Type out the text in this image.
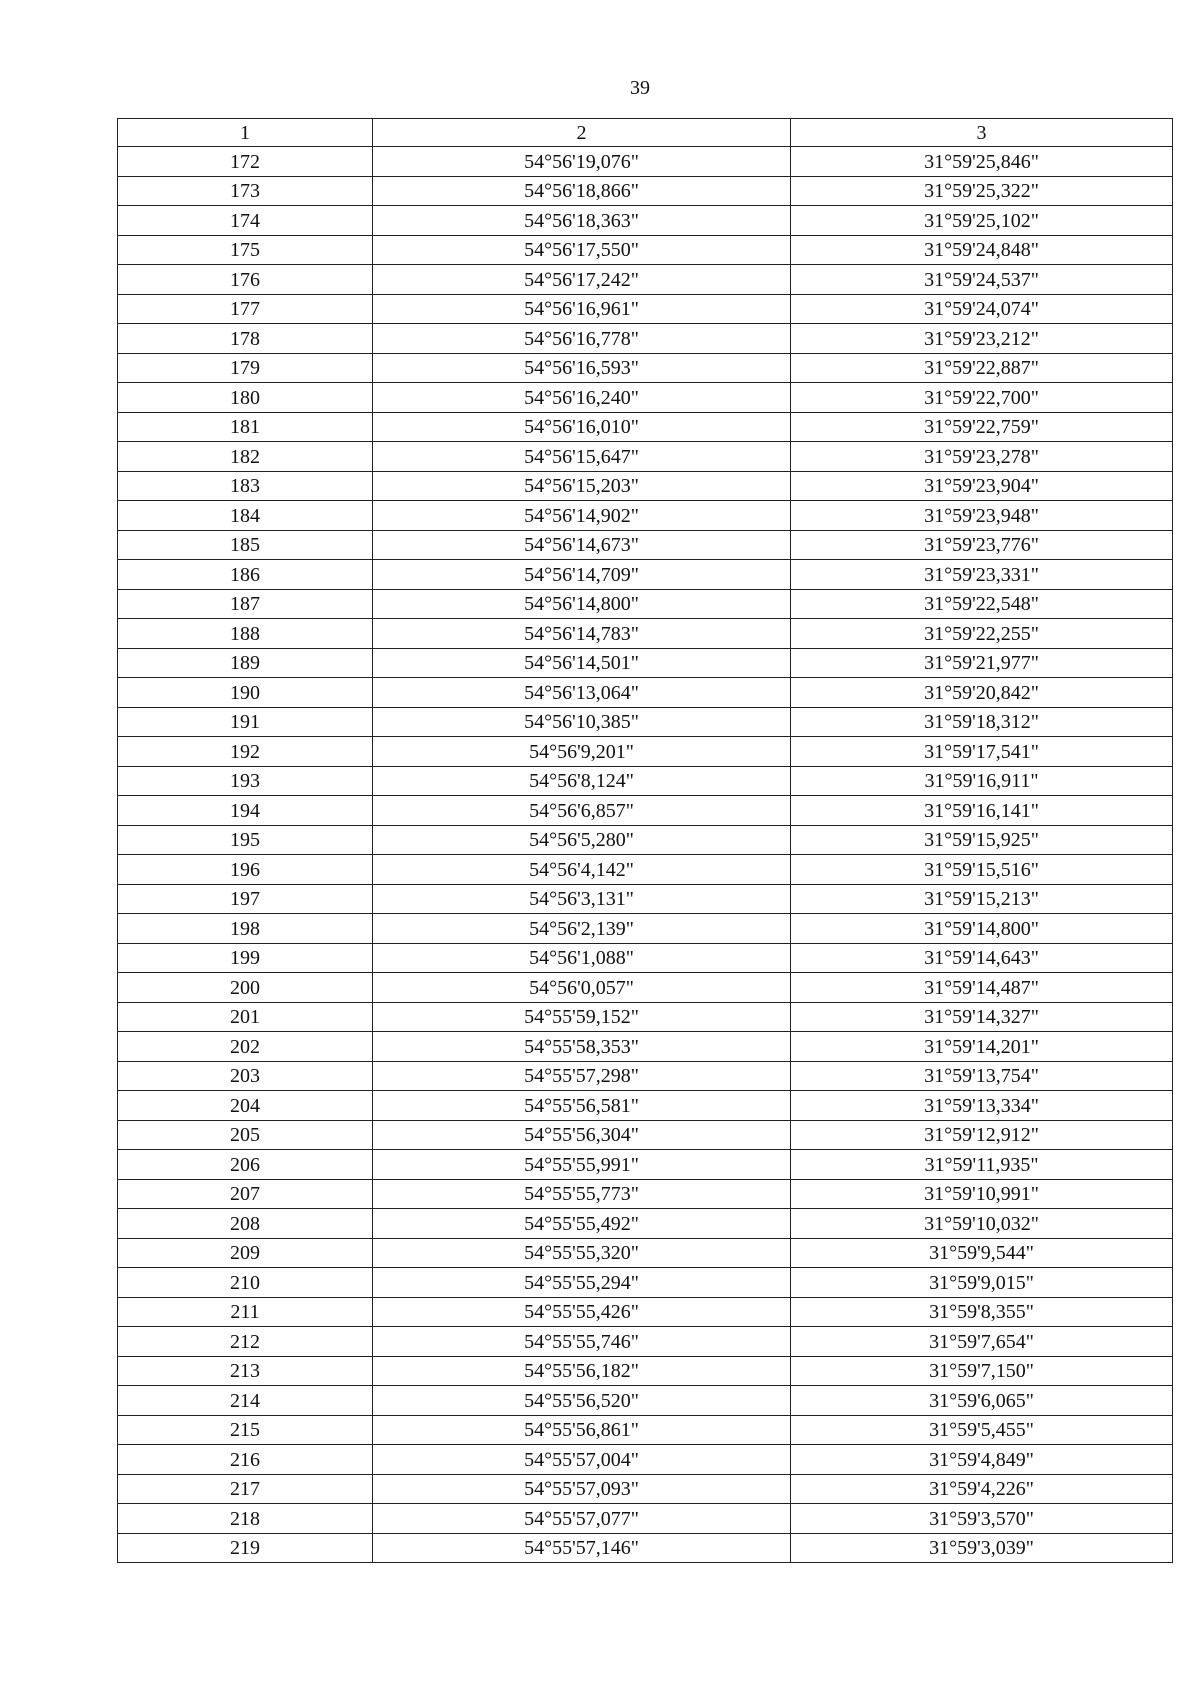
39
1	2	3
172	54°56'19,076"	31°59'25,846"
173	54°56'18,866"	31°59'25,322"
174	54°56'18,363"	31°59'25,102"
175	54°56'17,550"	31°59'24,848"
176	54°56'17,242"	31°59'24,537"
177	54°56'16,961"	31°59'24,074"
178	54°56'16,778"	31°59'23,212"
179	54°56'16,593"	31°59'22,887"
180	54°56'16,240"	31°59'22,700"
181	54°56'16,010"	31°59'22,759"
182	54°56'15,647"	31°59'23,278"
183	54°56'15,203"	31°59'23,904"
184	54°56'14,902"	31°59'23,948"
185	54°56'14,673"	31°59'23,776"
186	54°56'14,709"	31°59'23,331"
187	54°56'14,800"	31°59'22,548"
188	54°56'14,783"	31°59'22,255"
189	54°56'14,501"	31°59'21,977"
190	54°56'13,064"	31°59'20,842"
191	54°56'10,385"	31°59'18,312"
192	54°56'9,201"	31°59'17,541"
193	54°56'8,124"	31°59'16,911"
194	54°56'6,857"	31°59'16,141"
195	54°56'5,280"	31°59'15,925"
196	54°56'4,142"	31°59'15,516"
197	54°56'3,131"	31°59'15,213"
198	54°56'2,139"	31°59'14,800"
199	54°56'1,088"	31°59'14,643"
200	54°56'0,057"	31°59'14,487"
201	54°55'59,152"	31°59'14,327"
202	54°55'58,353"	31°59'14,201"
203	54°55'57,298"	31°59'13,754"
204	54°55'56,581"	31°59'13,334"
205	54°55'56,304"	31°59'12,912"
206	54°55'55,991"	31°59'11,935"
207	54°55'55,773"	31°59'10,991"
208	54°55'55,492"	31°59'10,032"
209	54°55'55,320"	31°59'9,544"
210	54°55'55,294"	31°59'9,015"
211	54°55'55,426"	31°59'8,355"
212	54°55'55,746"	31°59'7,654"
213	54°55'56,182"	31°59'7,150"
214	54°55'56,520"	31°59'6,065"
215	54°55'56,861"	31°59'5,455"
216	54°55'57,004"	31°59'4,849"
217	54°55'57,093"	31°59'4,226"
218	54°55'57,077"	31°59'3,570"
219	54°55'57,146"	31°59'3,039"
